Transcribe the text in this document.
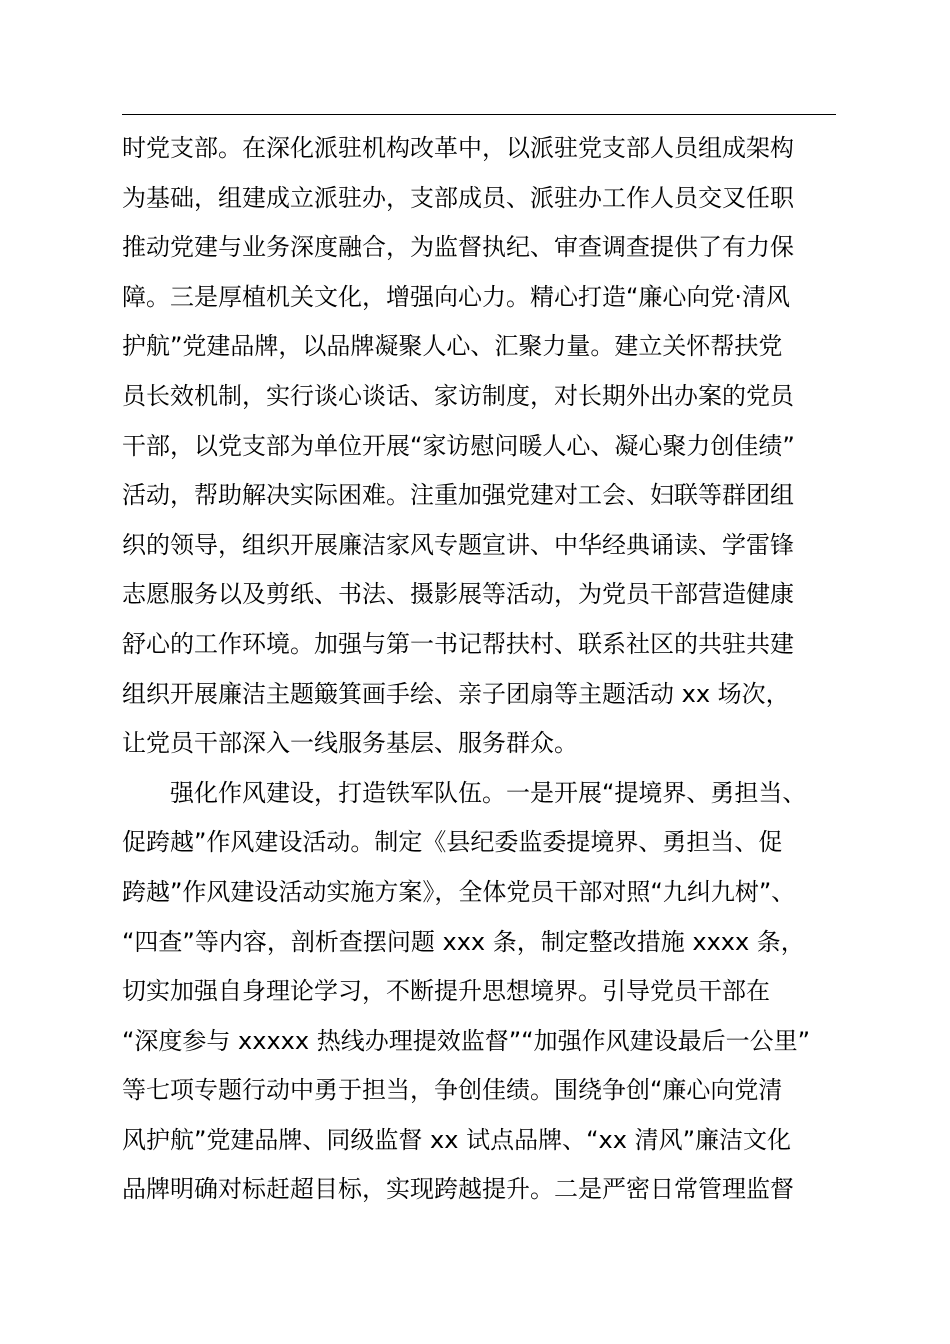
时党支部。在深化派驻机构改革中，以派驻党支部人员组成架构
为基础，组建成立派驻办，支部成员、派驻办工作人员交叉任职
推动党建与业务深度融合，为监督执纪、审查调查提供了有力保
障。三是厚植机关文化，增强向心力。精心打造“廉心向党·清风
护航”党建品牌，以品牌凝聚人心、汇聚力量。建立关怀帮扶党
员长效机制，实行谈心谈话、家访制度，对长期外出办案的党员
干部，以党支部为单位开展“家访慰问暖人心、凝心聚力创佳绩”
活动，帮助解决实际困难。注重加强党建对工会、妇联等群团组
织的领导，组织开展廉洁家风专题宣讲、中华经典诵读、学雷锋
志愿服务以及剪纸、书法、摄影展等活动，为党员干部营造健康
舒心的工作环境。加强与第一书记帮扶村、联系社区的共驻共建
组织开展廉洁主题簸箕画手绘、亲子团扇等主题活动 xx 场次，
让党员干部深入一线服务基层、服务群众。
　　强化作风建设，打造铁军队伍。一是开展“提境界、勇担当、
促跨越”作风建设活动。制定《县纪委监委提境界、勇担当、促
跨越”作风建设活动实施方案》，全体党员干部对照“九纠九树”、
“四查”等内容，剖析查摆问题 xxx 条，制定整改措施 xxxx 条，
切实加强自身理论学习，不断提升思想境界。引导党员干部在
“深度参与 xxxxx 热线办理提效监督”“加强作风建设最后一公里”
等七项专题行动中勇于担当，争创佳绩。围绕争创“廉心向党清
风护航”党建品牌、同级监督 xx 试点品牌、“xx 清风”廉洁文化
品牌明确对标赶超目标，实现跨越提升。二是严密日常管理监督
